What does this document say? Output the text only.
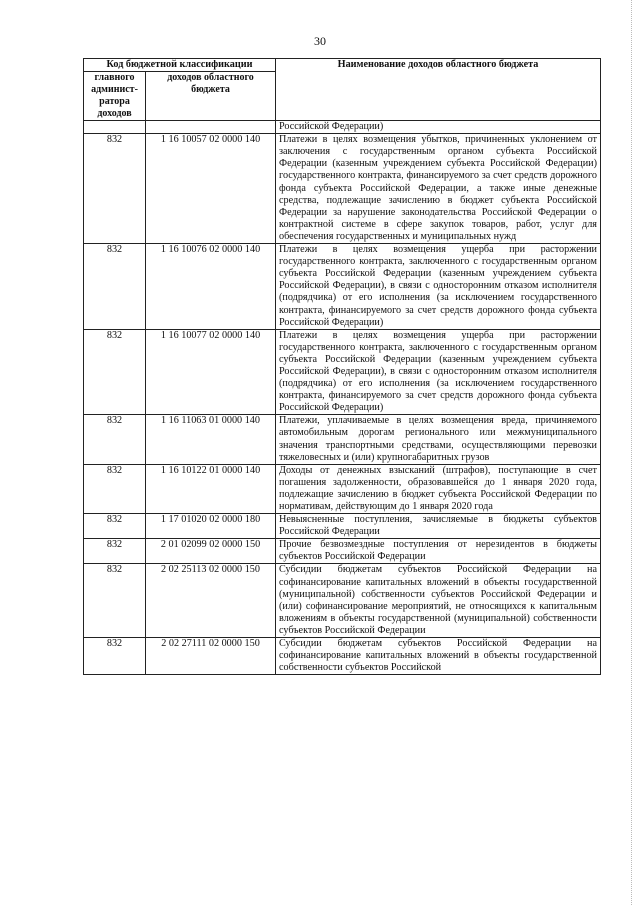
30
Код бюджетной классификации		Наименование доходов областного бюджета
главного админист-ратора доходов	доходов областного бюджета	
		Российской Федерации)
832	1 16 10057 02 0000 140	Платежи в целях возмещения убытков, причиненных уклонением от заключения с государственным органом субъекта Российской Федерации (казенным учреждением субъекта Российской Федерации) государственного контракта, финансируемого за счет средств дорожного фонда субъекта Российской Федерации, а также иные денежные средства, подлежащие зачислению в бюджет субъекта Российской Федерации за нарушение законодательства Российской Федерации о контрактной системе в сфере закупок товаров, работ, услуг для обеспечения государственных и муниципальных нужд
832	1 16 10076 02 0000 140	Платежи в целях возмещения ущерба при расторжении государственного контракта, заключенного с государственным органом субъекта Российской Федерации (казенным учреждением субъекта Российской Федерации), в связи с односторонним отказом исполнителя (подрядчика) от его исполнения (за исключением государственного контракта, финансируемого за счет средств дорожного фонда субъекта Российской Федерации)
832	1 16 10077 02 0000 140	Платежи в целях возмещения ущерба при расторжении государственного контракта, заключенного с государственным органом субъекта Российской Федерации (казенным учреждением субъекта Российской Федерации), в связи с односторонним отказом исполнителя (подрядчика) от его исполнения (за исключением государственного контракта, финансируемого за счет средств дорожного фонда субъекта Российской Федерации)
832	1 16 11063 01 0000 140	Платежи, уплачиваемые в целях возмещения вреда, причиняемого автомобильным дорогам регионального или межмуниципального значения транспортными средствами, осуществляющими перевозки тяжеловесных и (или) крупногабаритных грузов
832	1 16 10122 01 0000 140	Доходы от денежных взысканий (штрафов), поступающие в счет погашения задолженности, образовавшейся до 1 января 2020 года, подлежащие зачислению в бюджет субъекта Российской Федерации по нормативам, действующим до 1 января 2020 года
832	1 17 01020 02 0000 180	Невыясненные поступления, зачисляемые в бюджеты субъектов Российской Федерации
832	2 01 02099 02 0000 150	Прочие безвозмездные поступления от нерезидентов в бюджеты субъектов Российской Федерации
832	2 02 25113 02 0000 150	Субсидии бюджетам субъектов Российской Федерации на софинансирование капитальных вложений в объекты государственной (муниципальной) собственности субъектов Российской Федерации и (или) софинансирование мероприятий, не относящихся к капитальным вложениям в объекты государственной (муниципальной) собственности субъектов Российской Федерации
832	2 02 27111 02 0000 150	Субсидии бюджетам субъектов Российской Федерации на софинансирование капитальных вложений в объекты государственной собственности субъектов Российской
